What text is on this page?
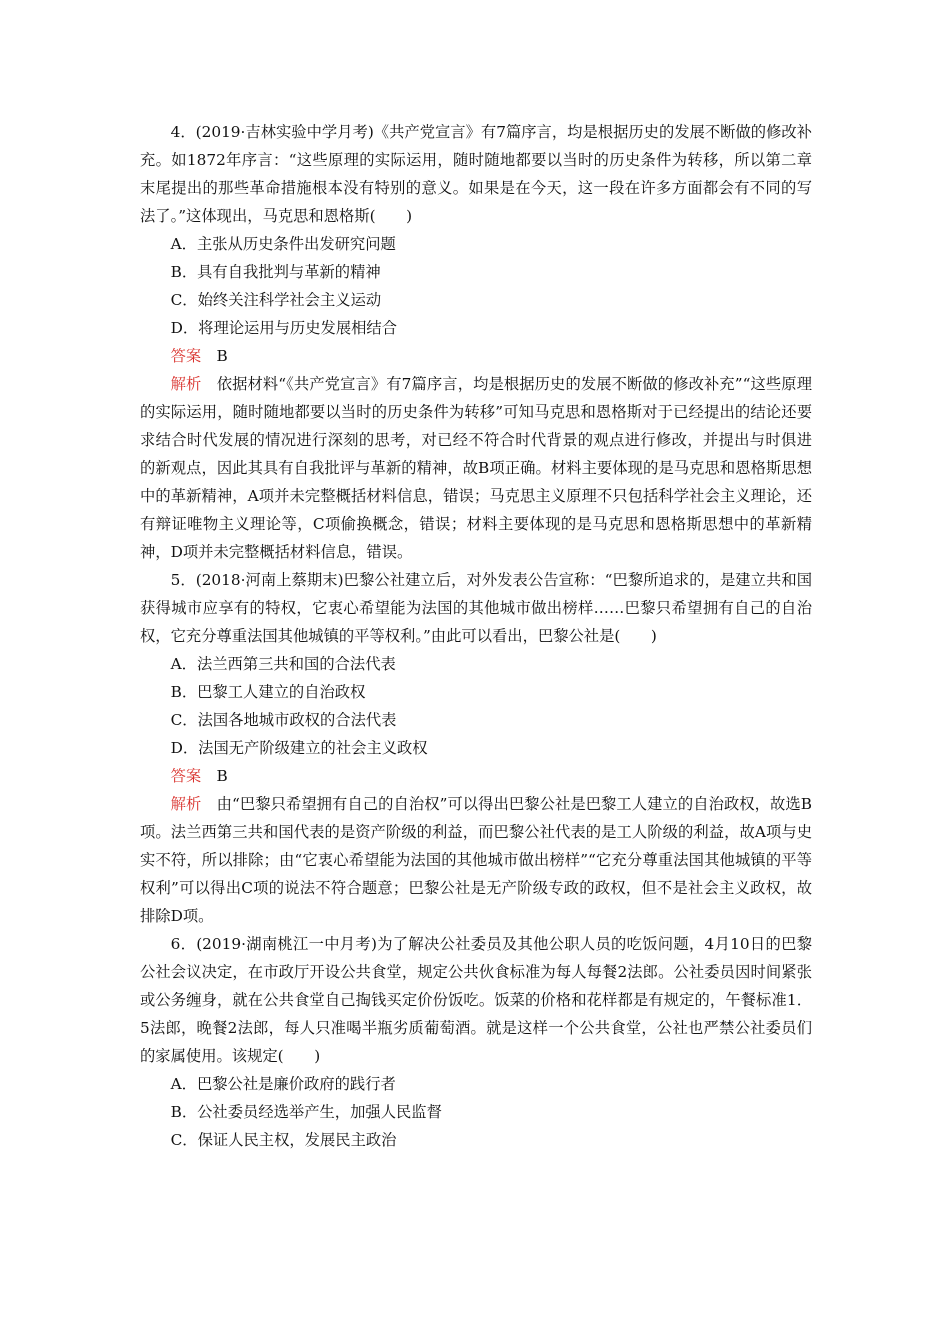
4．(2019·吉林实验中学月考)《共产党宣言》有7篇序言，均是根据历史的发展不断做的修改补充。如1872年序言：“这些原理的实际运用，随时随地都要以当时的历史条件为转移，所以第二章末尾提出的那些革命措施根本没有特别的意义。如果是在今天，这一段在许多方面都会有不同的写法了。”这体现出，马克思和恩格斯(　　)

A．主张从历史条件出发研究问题
B．具有自我批判与革新的精神
C．始终关注科学社会主义运动
D．将理论运用与历史发展相结合

答案 B

解析 依据材料“《共产党宣言》有7篇序言，均是根据历史的发展不断做的修改补充”“这些原理的实际运用，随时随地都要以当时的历史条件为转移”可知马克思和恩格斯对于已经提出的结论还要求结合时代发展的情况进行深刻的思考，对已经不符合时代背景的观点进行修改，并提出与时俱进的新观点，因此其具有自我批评与革新的精神，故B项正确。材料主要体现的是马克思和恩格斯思想中的革新精神，A项并未完整概括材料信息，错误；马克思主义原理不只包括科学社会主义理论，还有辩证唯物主义理论等，C项偷换概念，错误；材料主要体现的是马克思和恩格斯思想中的革新精神，D项并未完整概括材料信息，错误。

5．(2018·河南上蔡期末)巴黎公社建立后，对外发表公告宣称：“巴黎所追求的，是建立共和国获得城市应享有的特权，它衷心希望能为法国的其他城市做出榜样……巴黎只希望拥有自己的自治权，它充分尊重法国其他城镇的平等权利。”由此可以看出，巴黎公社是(　　)

A．法兰西第三共和国的合法代表
B．巴黎工人建立的自治政权
C．法国各地城市政权的合法代表
D．法国无产阶级建立的社会主义政权

答案 B

解析 由“巴黎只希望拥有自己的自治权”可以得出巴黎公社是巴黎工人建立的自治政权，故选B项。法兰西第三共和国代表的是资产阶级的利益，而巴黎公社代表的是工人阶级的利益，故A项与史实不符，所以排除；由“它衷心希望能为法国的其他城市做出榜样”“它充分尊重法国其他城镇的平等权利”可以得出C项的说法不符合题意；巴黎公社是无产阶级专政的政权，但不是社会主义政权，故排除D项。

6．(2019·湖南桃江一中月考)为了解决公社委员及其他公职人员的吃饭问题，4月10日的巴黎公社会议决定，在市政厅开设公共食堂，规定公共伙食标准为每人每餐2法郎。公社委员因时间紧张或公务缠身，就在公共食堂自己掏钱买定价份饭吃。饭菜的价格和花样都是有规定的，午餐标准1．5法郎，晚餐2法郎，每人只准喝半瓶劣质葡萄酒。就是这样一个公共食堂，公社也严禁公社委员们的家属使用。该规定(　　)

A．巴黎公社是廉价政府的践行者
B．公社委员经选举产生，加强人民监督
C．保证人民主权，发展民主政治
